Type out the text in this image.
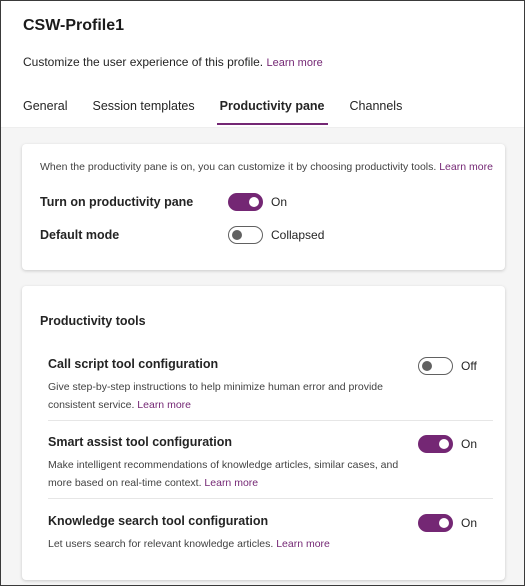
CSW-Profile1
Customize the user experience of this profile. Learn more
General Session templates Productivity pane Channels
When the productivity pane is on, you can customize it by choosing productivity tools. Learn more
Turn on productivity pane	On
Default mode	Collapsed
Productivity tools
Call script tool configuration
Give step-by-step instructions to help minimize human error and provide consistent service. Learn more
Off
Smart assist tool configuration
Make intelligent recommendations of knowledge articles, similar cases, and more based on real-time context. Learn more
On
Knowledge search tool configuration
Let users search for relevant knowledge articles. Learn more
On
